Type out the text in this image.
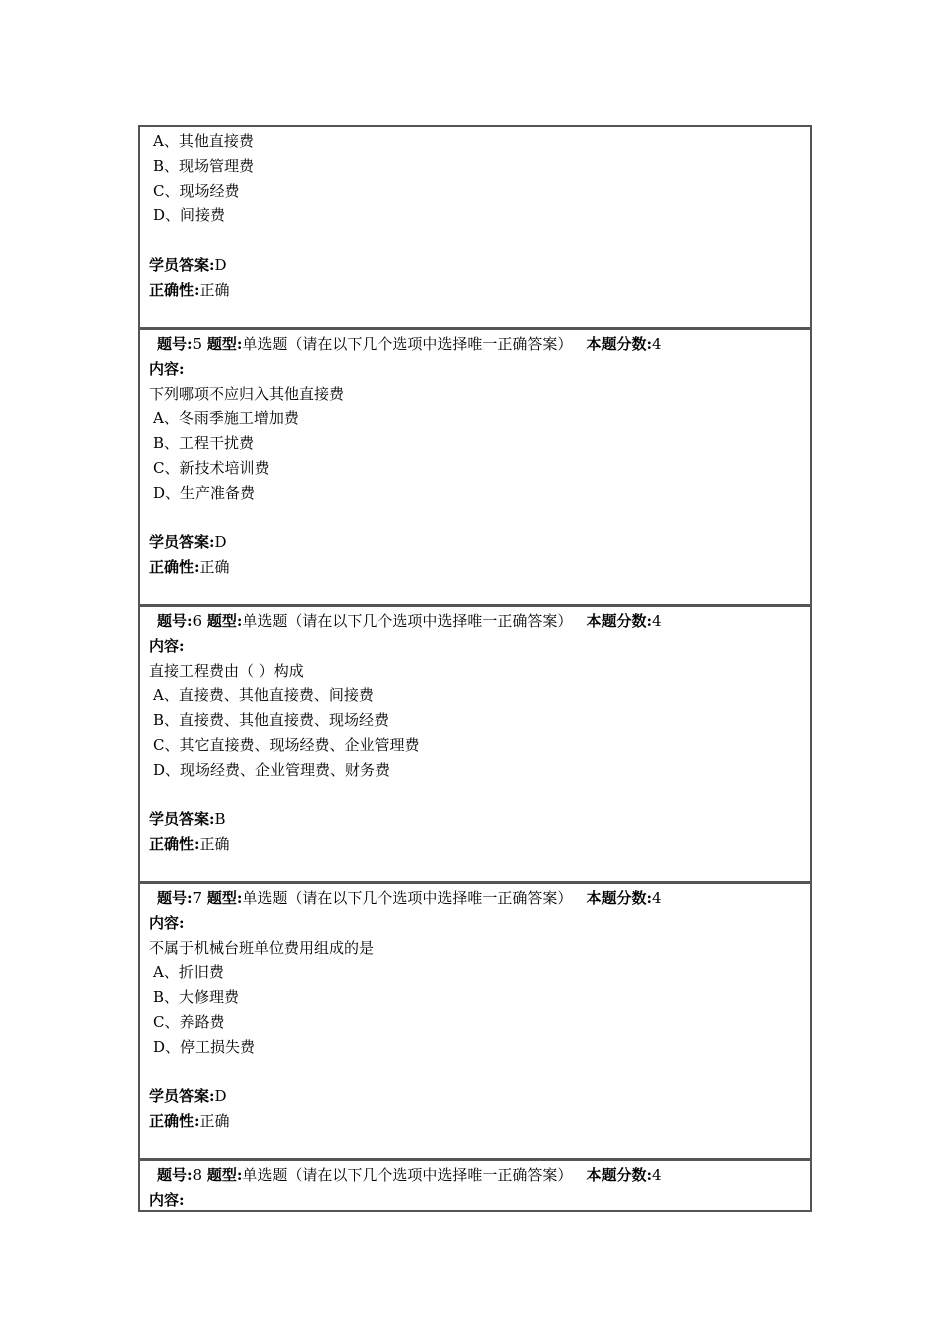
A、其他直接费
B、现场管理费
C、现场经费
D、间接费
学员答案:D
正确性:正确
题号:5 题型:单选题（请在以下几个选项中选择唯一正确答案） 本题分数:4
内容:
下列哪项不应归入其他直接费
A、冬雨季施工增加费
B、工程干扰费
C、新技术培训费
D、生产准备费
学员答案:D
正确性:正确
题号:6 题型:单选题（请在以下几个选项中选择唯一正确答案） 本题分数:4
内容:
直接工程费由（ ）构成
A、直接费、其他直接费、间接费
B、直接费、其他直接费、现场经费
C、其它直接费、现场经费、企业管理费
D、现场经费、企业管理费、财务费
学员答案:B
正确性:正确
题号:7 题型:单选题（请在以下几个选项中选择唯一正确答案） 本题分数:4
内容:
不属于机械台班单位费用组成的是
A、折旧费
B、大修理费
C、养路费
D、停工损失费
学员答案:D
正确性:正确
题号:8 题型:单选题（请在以下几个选项中选择唯一正确答案） 本题分数:4
内容:
